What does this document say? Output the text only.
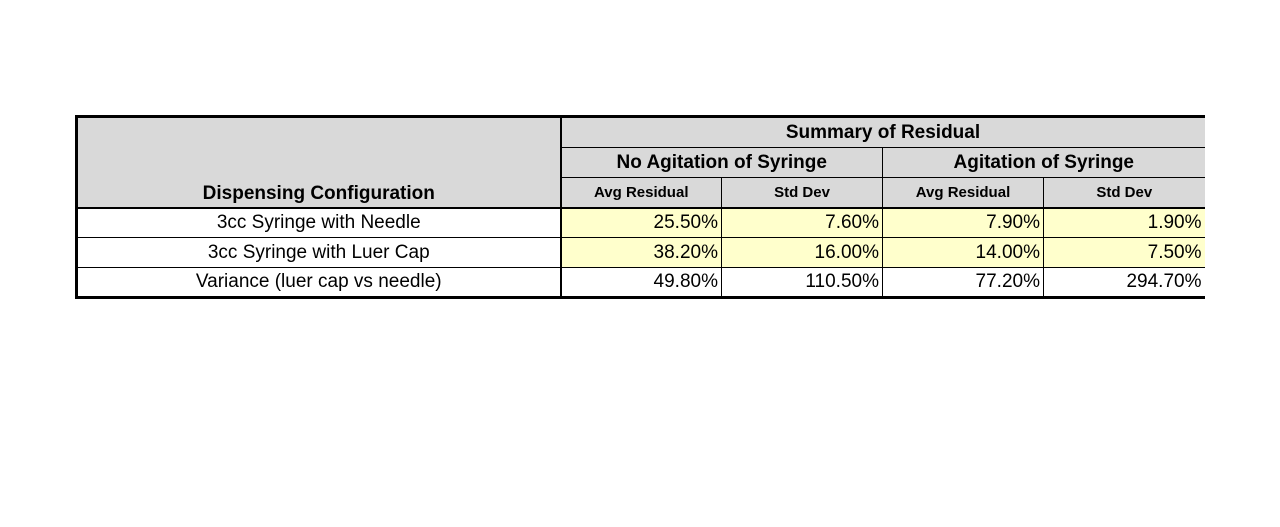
Dispensing Configuration	Summary of Residual			
	No Agitation of Syringe		Agitation of Syringe	
	Avg Residual	Std Dev	Avg Residual	Std Dev
3cc Syringe with Needle	25.50%	7.60%	7.90%	1.90%
3cc Syringe with Luer Cap	38.20%	16.00%	14.00%	7.50%
Variance (luer cap vs needle)	49.80%	110.50%	77.20%	294.70%
